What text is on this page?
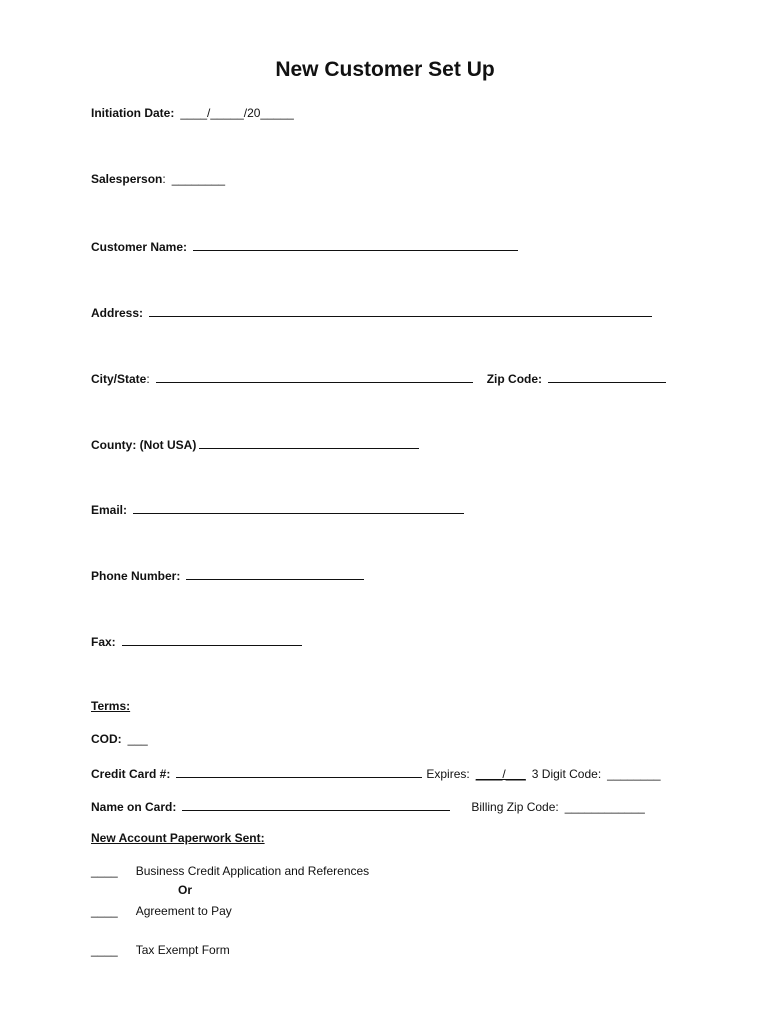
New Customer Set Up
Initiation Date: ____/_____/20_____
Salesperson : ________
Customer Name:
Address:
City/State :	Zip Code:
County: (Not USA)
Email:
Phone Number:
Fax:
Terms:
COD: ___
Credit Card #:	Expires: ____/___ 3 Digit Code: ________
Name on Card:	Billing Zip Code: ____________
New Account Paperwork Sent:
____ Business Credit Application and References
Or
____ Agreement to Pay
____ Tax Exempt Form
